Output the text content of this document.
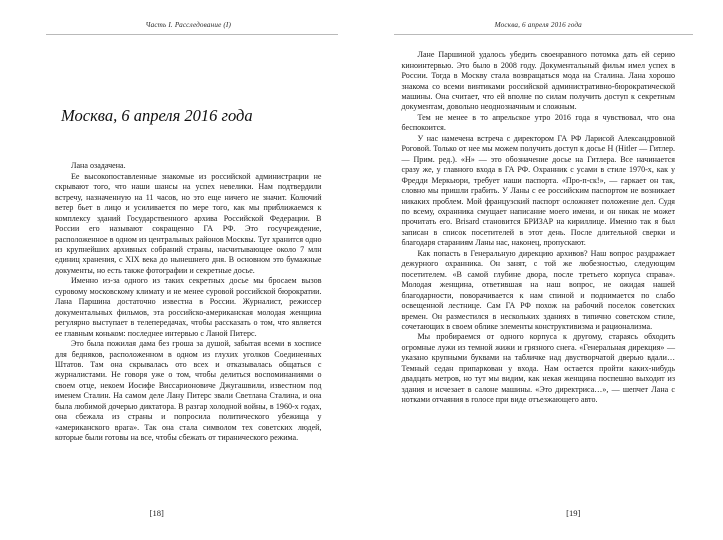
Часть I. Расследование (I)
Москва, 6 апреля 2016 года

Лана озадачена.

Ее высокопоставленные знакомые из российской администрации не скрывают того, что наши шансы на успех невелики. Нам подтвердили встречу, назначенную на 11 часов, но это еще ничего не значит. Колючий ветер бьет в лицо и усиливается по мере того, как мы приближаемся к комплексу зданий Государственного архива Российской Федерации. В России его называют сокращенно ГА РФ. Это госучреждение, расположенное в одном из центральных районов Москвы. Тут хранится одно из крупнейших архивных собраний страны, насчитывающее около 7 млн единиц хранения, с XIX века до нынешнего дня. В основном это бумажные документы, но есть также фотографии и секретные досье.

Именно из-за одного из таких секретных досье мы бросаем вызов суровому московскому климату и не менее суровой российской бюрократии. Лана Паршина достаточно известна в России. Журналист, режиссер документальных фильмов, эта российско-американская молодая женщина регулярно выступает в телепередачах, чтобы рассказать о том, что является ее главным коньком: последнее интервью с Ланой Питерс.

Это была пожилая дама без гроша за душой, забытая всеми в хосписе для бедняков, расположенном в одном из глухих уголков Соединенных Штатов. Там она скрывалась ото всех и отказывалась общаться с журналистами. Не говоря уже о том, чтобы делиться воспоминаниями о своем отце, некоем Иосифе Виссарионовиче Джугашвили, известном под именем Сталин. На самом деле Лану Питерс звали Светлана Сталина, и она была любимой дочерью диктатора. В разгар холодной войны, в 1960-х годах, она сбежала из страны и попросила политического убежища у «американского врага». Так она стала символом тех советских людей, которые были готовы на все, чтобы сбежать от тиранического режима.

[18]
Москва, 6 апреля 2016 года

Лане Паршиной удалось убедить своенравного потомка дать ей серию киноинтервью. Это было в 2008 году. Документальный фильм имел успех в России. Тогда в Москву стала возвращаться мода на Сталина. Лана хорошо знакома со всеми винтиками российской административно-бюрократической машины. Она считает, что ей вполне по силам получить доступ к секретным документам, довольно неоднозначным и сложным.

Тем не менее в то апрельское утро 2016 года я чувствовал, что она беспокоится.

У нас намечена встреча с директором ГА РФ Ларисой Александровной Роговой. Только от нее мы можем получить доступ к досье Н (Hitler — Гитлер. — Прим. ред.). «Н» — это обозначение досье на Гитлера. Все начинается сразу же, у главного входа в ГА РФ. Охранник с усами в стиле 1970-х, как у Фредди Меркьюри, требует наши паспорта. «Про-п-ск!», — гаркает он так, словно мы пришли грабить. У Ланы с ее российским паспортом не возникает никаких проблем. Мой французский паспорт осложняет положение дел. Судя по всему, охранника смущает написание моего имени, и он никак не может прочитать его. Brisard становится БРИЗАР на кириллице. Именно так я был записан в список посетителей в этот день. После длительной сверки и благодаря стараниям Ланы нас, наконец, пропускают.

Как попасть в Генеральную дирекцию архивов? Наш вопрос раздражает дежурного охранника. Он занят, с той же любезностью, следующим посетителем. «В самой глубине двора, после третьего корпуса справа». Молодая женщина, ответившая на наш вопрос, не ожидая нашей благодарности, поворачивается к нам спиной и поднимается по слабо освещенной лестнице. Сам ГА РФ похож на рабочий поселок советских времен. Он разместился в нескольких зданиях в типично советском стиле, сочетающих в своем облике элементы конструктивизма и рационализма.

Мы пробираемся от одного корпуса к другому, стараясь обходить огромные лужи из темной жижи и грязного снега. «Генеральная дирекция» — указано крупными буквами на табличке над двустворчатой дверью вдали… Темный седан припаркован у входа. Нам остается пройти каких-нибудь двадцать метров, но тут мы видим, как некая женщина поспешно выходит из здания и исчезает в салоне машины. «Это директриса…», — шепчет Лана с нотками отчаяния в голосе при виде отъезжающего авто.

[19]
